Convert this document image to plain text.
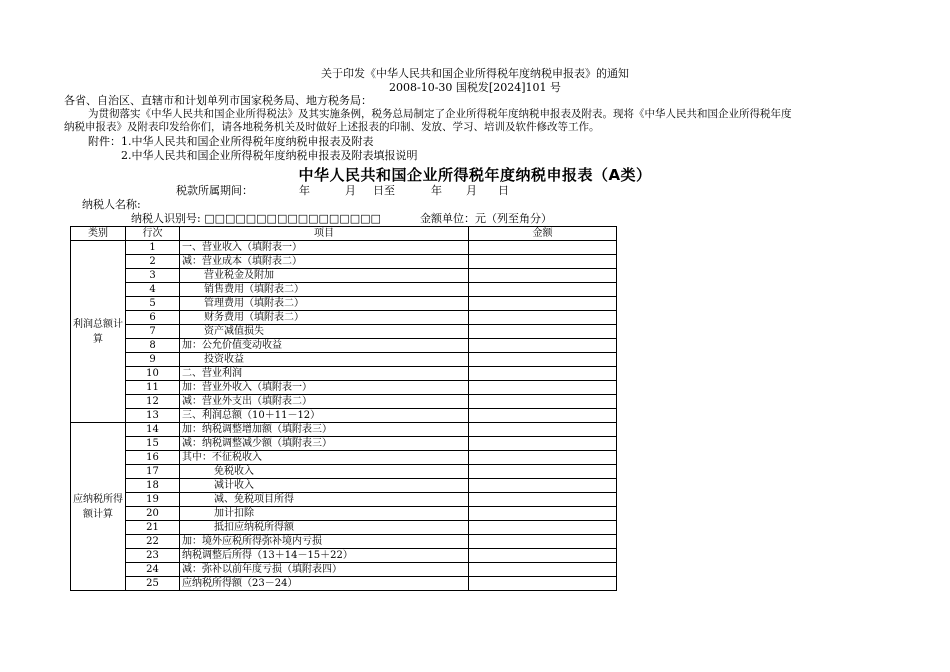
关于印发《中华人民共和国企业所得税年度纳税申报表》的通知
2008-10-30 国税发[2024]101 号
各省、自治区、直辖市和计划单列市国家税务局、地方税务局：
为贯彻落实《中华人民共和国企业所得税法》及其实施条例，税务总局制定了企业所得税年度纳税申报表及附表。现将《中华人民共和国企业所得税年度
纳税申报表》及附表印发给你们，请各地税务机关及时做好上述报表的印制、发放、学习、培训及软件修改等工作。
附件：1.中华人民共和国企业所得税年度纳税申报表及附表
2.中华人民共和国企业所得税年度纳税申报表及附表填报说明
中华人民共和国企业所得税年度纳税申报表（A类）
税款所属期间：	年	月 日至	年 月 日
纳税人名称:
纳税人识别号: □□□□□□□□□□□□□□□□□	金额单位：元（列至角分）
类别	行次	项目	金额
利润总额计算	1	一、营业收入（填附表一）	
	2	减：营业成本（填附表二）	
	3	营业税金及附加	
	4	销售费用（填附表二）	
	5	管理费用（填附表二）	
	6	财务费用（填附表二）	
	7	资产减值损失	
	8	加：公允价值变动收益	
	9	投资收益	
	10	二、营业利润	
	11	加：营业外收入（填附表一）	
	12	减：营业外支出（填附表二）	
	13	三、利润总额（10＋11－12）	
应纳税所得额计算	14	加：纳税调整增加额（填附表三）	
	15	减：纳税调整减少额（填附表三）	
	16	其中：不征税收入	
	17	免税收入	
	18	减计收入	
	19	减、免税项目所得	
	20	加计扣除	
	21	抵扣应纳税所得额	
	22	加：境外应税所得弥补境内亏损	
	23	纳税调整后所得（13＋14－15＋22）	
	24	减：弥补以前年度亏损（填附表四）	
	25	应纳税所得额（23－24）	
